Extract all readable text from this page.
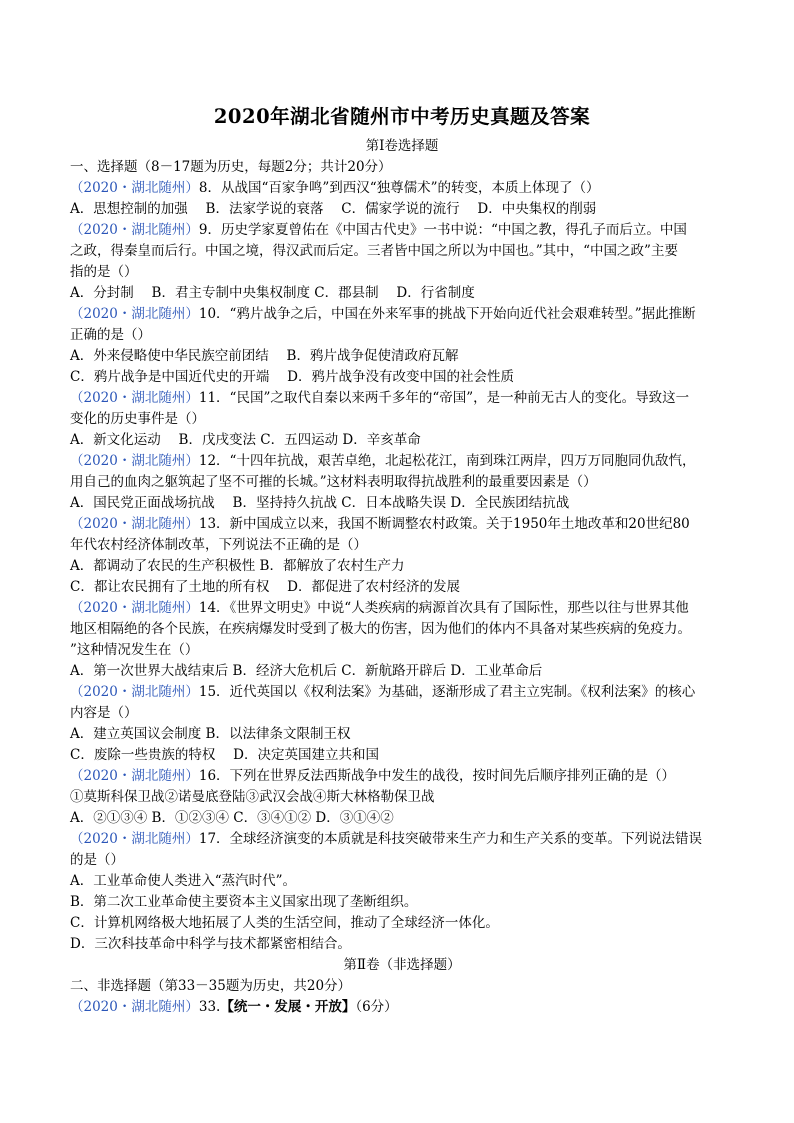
2020年湖北省随州市中考历史真题及答案

第Ⅰ卷选择题

一、选择题（8－17题为历史，每题2分；共计20分）

（2020・湖北随州）8．从战国“百家争鸣”到西汉“独尊儒术”的转变，本质上体现了（）

A．思想控制的加强　 B．法家学说的衰落　 C．儒家学说的流行　 D．中央集权的削弱

（2020・湖北随州）9．历史学家夏曾佑在《中国古代史》一书中说：“中国之教，得孔子而后立。中国

之政，得秦皇而后行。中国之境，得汉武而后定。三者皆中国之所以为中国也。”其中，“中国之政”主要

指的是（）

A．分封制　 B．君主专制中央集权制度 C．郡县制　 D．行省制度

（2020・湖北随州）10．“鸦片战争之后，中国在外来军事的挑战下开始向近代社会艰难转型。”据此推断

正确的是（）

A．外来侵略使中华民族空前团结　 B．鸦片战争促使清政府瓦解

C．鸦片战争是中国近代史的开端　 D．鸦片战争没有改变中国的社会性质

（2020・湖北随州）11．“民国”之取代自秦以来两千多年的“帝国”，是一种前无古人的变化。导致这一

变化的历史事件是（）

A．新文化运动　 B．戊戌变法 C．五四运动 D．辛亥革命

（2020・湖北随州）12．“十四年抗战，艰苦卓绝，北起松花江，南到珠江两岸，四万万同胞同仇敌忾，

用自己的血肉之躯筑起了坚不可摧的长城。”这材料表明取得抗战胜利的最重要因素是（）

A．国民党正面战场抗战　 B．坚持持久抗战 C．日本战略失误 D．全民族团结抗战

（2020・湖北随州）13．新中国成立以来，我国不断调整农村政策。关于1950年土地改革和20世纪80

年代农村经济体制改革，下列说法不正确的是（）

A．都调动了农民的生产积极性 B．都解放了农村生产力

C．都让农民拥有了土地的所有权　 D．都促进了农村经济的发展

（2020・湖北随州）14．《世界文明史》中说“人类疾病的病源首次具有了国际性，那些以往与世界其他

地区相隔绝的各个民族，在疾病爆发时受到了极大的伤害，因为他们的体内不具备对某些疾病的免疫力。

”这种情况发生在（）

A．第一次世界大战结束后 B．经济大危机后 C．新航路开辟后 D．工业革命后

（2020・湖北随州）15．近代英国以《权利法案》为基础，逐渐形成了君主立宪制。《权利法案》的核心

内容是（）

A．建立英国议会制度 B．以法律条文限制王权

C．废除一些贵族的特权　 D．决定英国建立共和国

（2020・湖北随州）16．下列在世界反法西斯战争中发生的战役，按时间先后顺序排列正确的是（）

①莫斯科保卫战②诺曼底登陆③武汉会战④斯大林格勒保卫战

A．②①③④ B．①②③④ C．③④①② D．③①④②

（2020・湖北随州）17．全球经济演变的本质就是科技突破带来生产力和生产关系的变革。下列说法错误

的是（）

A．工业革命使人类进入“蒸汽时代”。

B．第二次工业革命使主要资本主义国家出现了垄断组织。

C．计算机网络极大地拓展了人类的生活空间，推动了全球经济一体化。

D．三次科技革命中科学与技术都紧密相结合。

第Ⅱ卷（非选择题）

二、非选择题（第33－35题为历史，共20分）

（2020・湖北随州）33.【统一・发展・开放】（6分）
